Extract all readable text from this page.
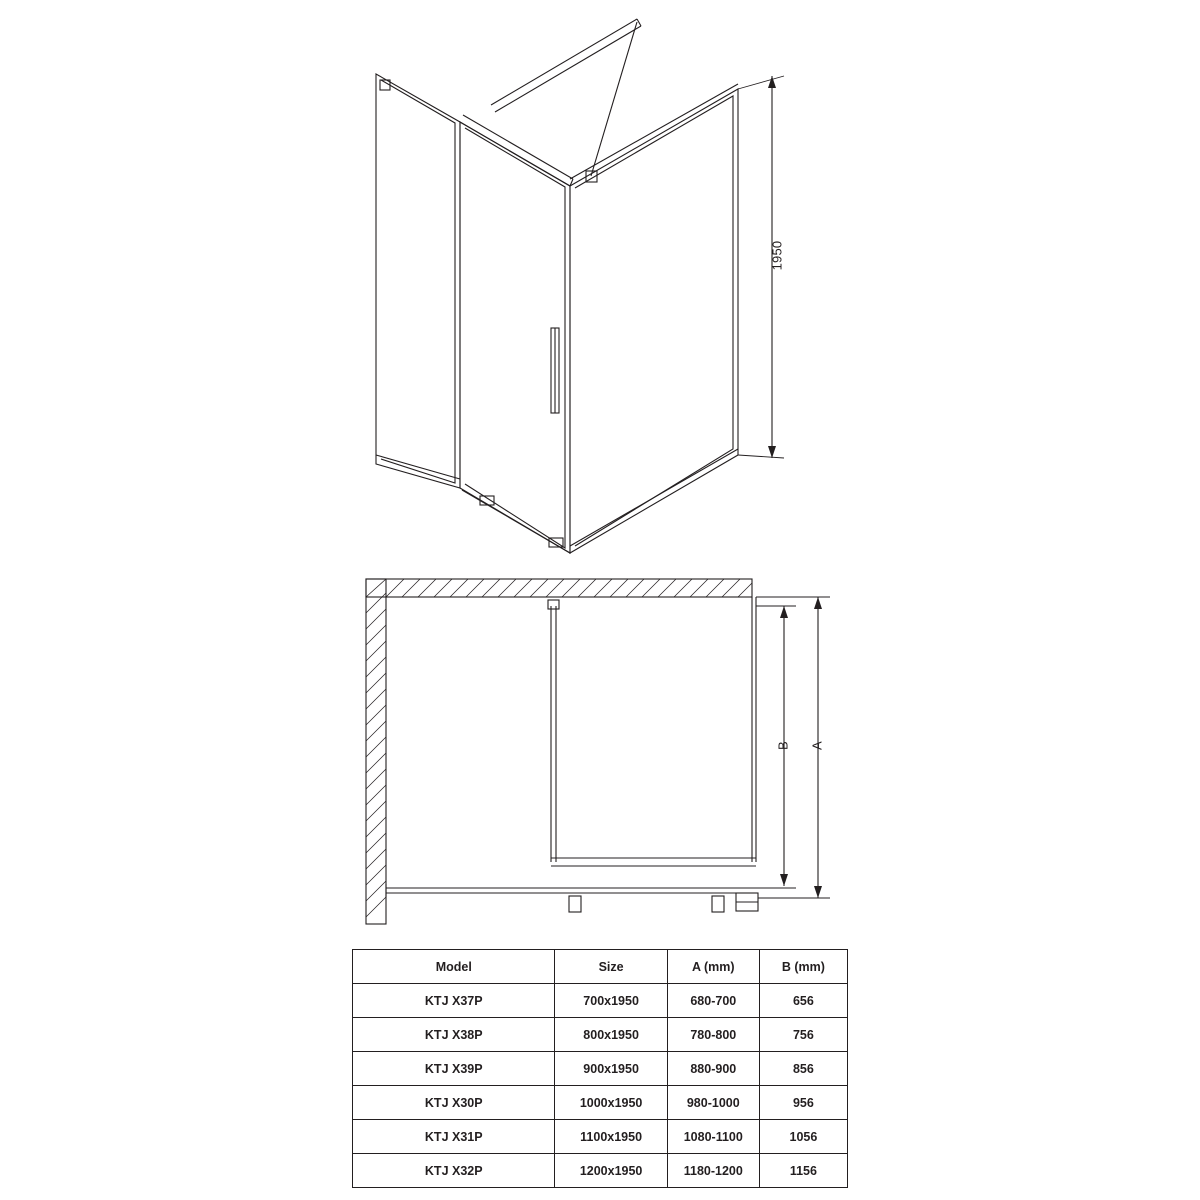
1950
B A
Model	Size	A (mm)	B (mm)
KTJ X37P	700x1950	680-700	656
KTJ X38P	800x1950	780-800	756
KTJ X39P	900x1950	880-900	856
KTJ X30P	1000x1950	980-1000	956
KTJ X31P	1100x1950	1080-1100	1056
KTJ X32P	1200x1950	1180-1200	1156
